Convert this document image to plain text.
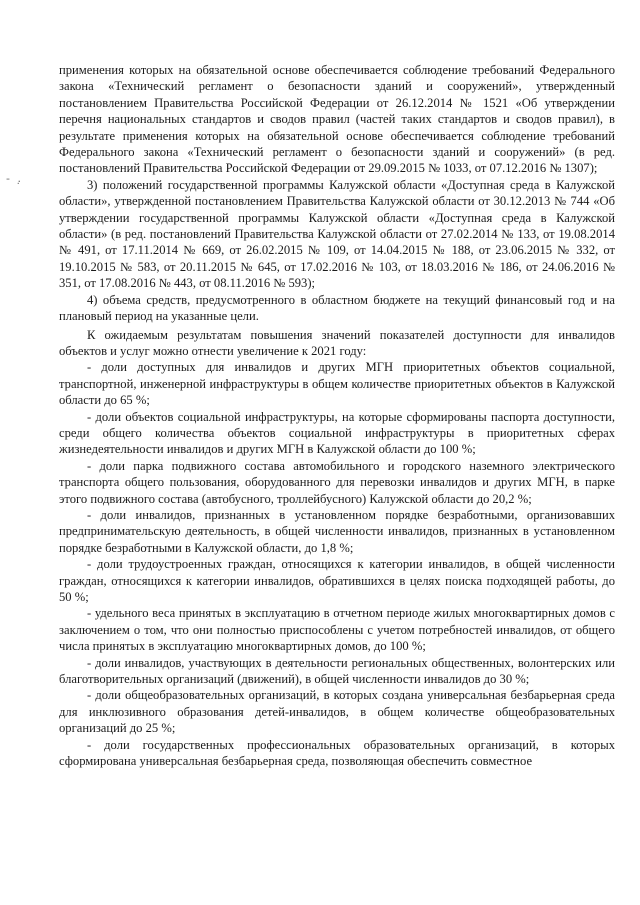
- .̣

применения которых на обязательной основе обеспечивается соблюдение требований Федерального закона «Технический регламент о безопасности зданий и сооружений», утвержденный постановлением Правительства Российской Федерации от 26.12.2014 № 1521 «Об утверждении перечня национальных стандартов и сводов правил (частей таких стандартов и сводов правил), в результате применения которых на обязательной основе обеспечивается соблюдение требований Федерального закона «Технический регламент о безопасности зданий и сооружений» (в ред. постановлений Правительства Российской Федерации от 29.09.2015 № 1033, от 07.12.2016 № 1307);

3) положений государственной программы Калужской области «Доступная среда в Калужской области», утвержденной постановлением Правительства Калужской области от 30.12.2013 № 744 «Об утверждении государственной программы Калужской области «Доступная среда в Калужской области» (в ред. постановлений Правительства Калужской области от 27.02.2014 № 133, от 19.08.2014 № 491, от 17.11.2014 № 669, от 26.02.2015 № 109, от 14.04.2015 № 188, от 23.06.2015 № 332, от 19.10.2015 № 583, от 20.11.2015 № 645, от 17.02.2016 № 103, от 18.03.2016 № 186, от 24.06.2016 № 351, от 17.08.2016 № 443, от 08.11.2016 № 593);

4) объема средств, предусмотренного в областном бюджете на текущий финансовый год и на плановый период на указанные цели.

К ожидаемым результатам повышения значений показателей доступности для инвалидов объектов и услуг можно отнести увеличение к 2021 году:

- доли доступных для инвалидов и других МГН приоритетных объектов социальной, транспортной, инженерной инфраструктуры в общем количестве приоритетных объектов в Калужской области до 65 %;

- доли объектов социальной инфраструктуры, на которые сформированы паспорта доступности, среди общего количества объектов социальной инфраструктуры в приоритетных сферах жизнедеятельности инвалидов и других МГН в Калужской области до 100 %;

- доли парка подвижного состава автомобильного и городского наземного электрического транспорта общего пользования, оборудованного для перевозки инвалидов и других МГН, в парке этого подвижного состава (автобусного, троллейбусного) Калужской области до 20,2 %;

- доли инвалидов, признанных в установленном порядке безработными, организовавших предпринимательскую деятельность, в общей численности инвалидов, признанных в установленном порядке безработными в Калужской области, до 1,8 %;

- доли трудоустроенных граждан, относящихся к категории инвалидов, в общей численности граждан, относящихся к категории инвалидов, обратившихся в целях поиска подходящей работы, до 50 %;

- удельного веса принятых в эксплуатацию в отчетном периоде жилых многоквартирных домов с заключением о том, что они полностью приспособлены с учетом потребностей инвалидов, от общего числа принятых в эксплуатацию многоквартирных домов, до 100 %;

- доли инвалидов, участвующих в деятельности региональных общественных, волонтерских или благотворительных организаций (движений), в общей численности инвалидов до 30 %;

- доли общеобразовательных организаций, в которых создана универсальная безбарьерная среда для инклюзивного образования детей-инвалидов, в общем количестве общеобразовательных организаций до 25 %;

- доли государственных профессиональных образовательных организаций, в которых сформирована универсальная безбарьерная среда, позволяющая обеспечить совместное
